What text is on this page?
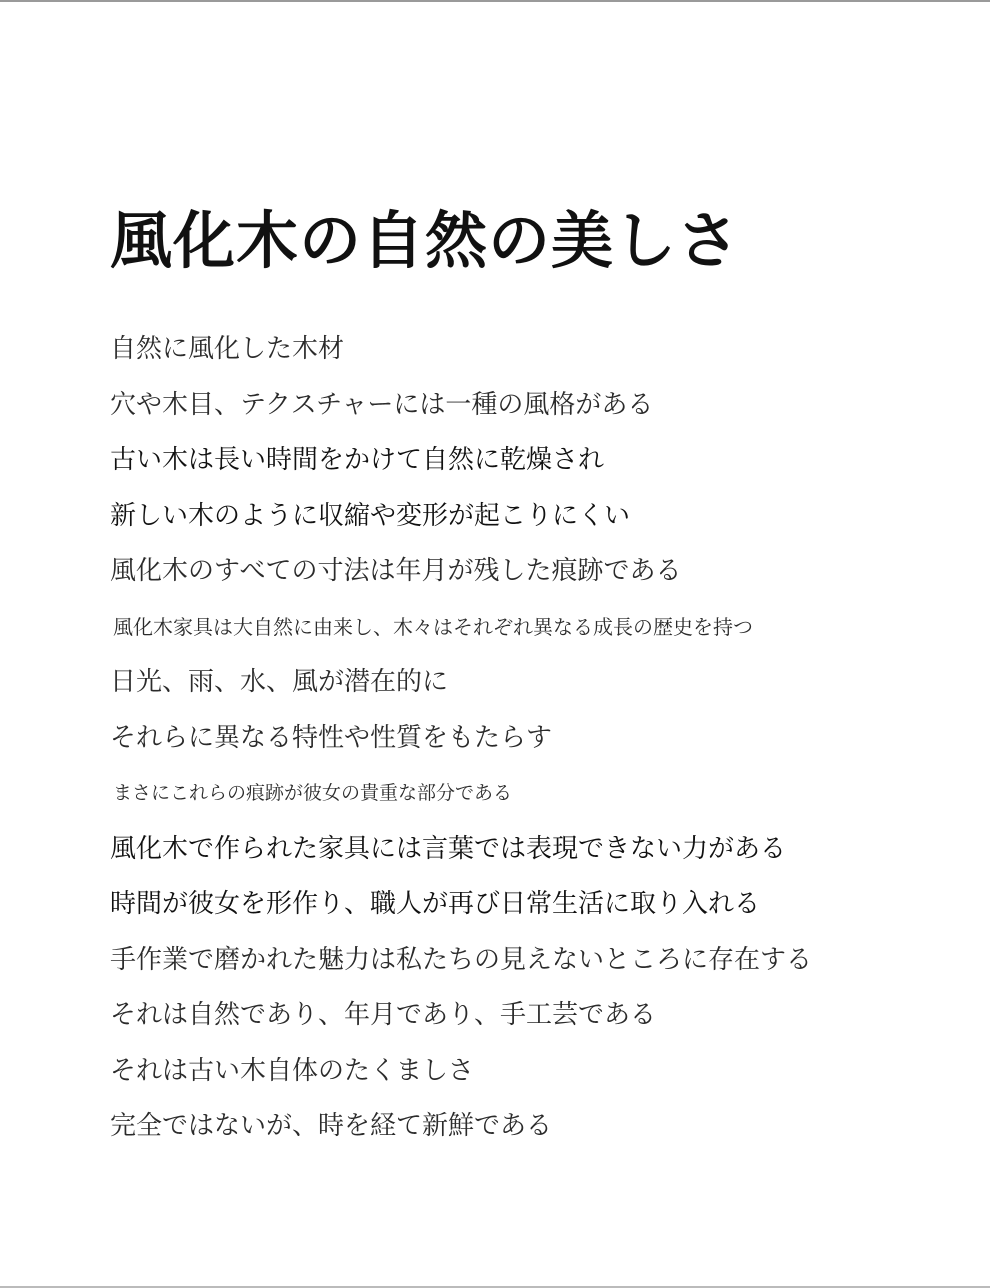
風化木の自然の美しさ
自然に風化した木材
穴や木目、テクスチャーには一種の風格がある
古い木は長い時間をかけて自然に乾燥され
新しい木のように収縮や変形が起こりにくい
風化木のすべての寸法は年月が残した痕跡である
風化木家具は大自然に由来し、木々はそれぞれ異なる成長の歴史を持つ
日光、雨、水、風が潜在的に
それらに異なる特性や性質をもたらす
まさにこれらの痕跡が彼女の貴重な部分である
風化木で作られた家具には言葉では表現できない力がある
時間が彼女を形作り、職人が再び日常生活に取り入れる
手作業で磨かれた魅力は私たちの見えないところに存在する
それは自然であり、年月であり、手工芸である
それは古い木自体のたくましさ
完全ではないが、時を経て新鮮である
